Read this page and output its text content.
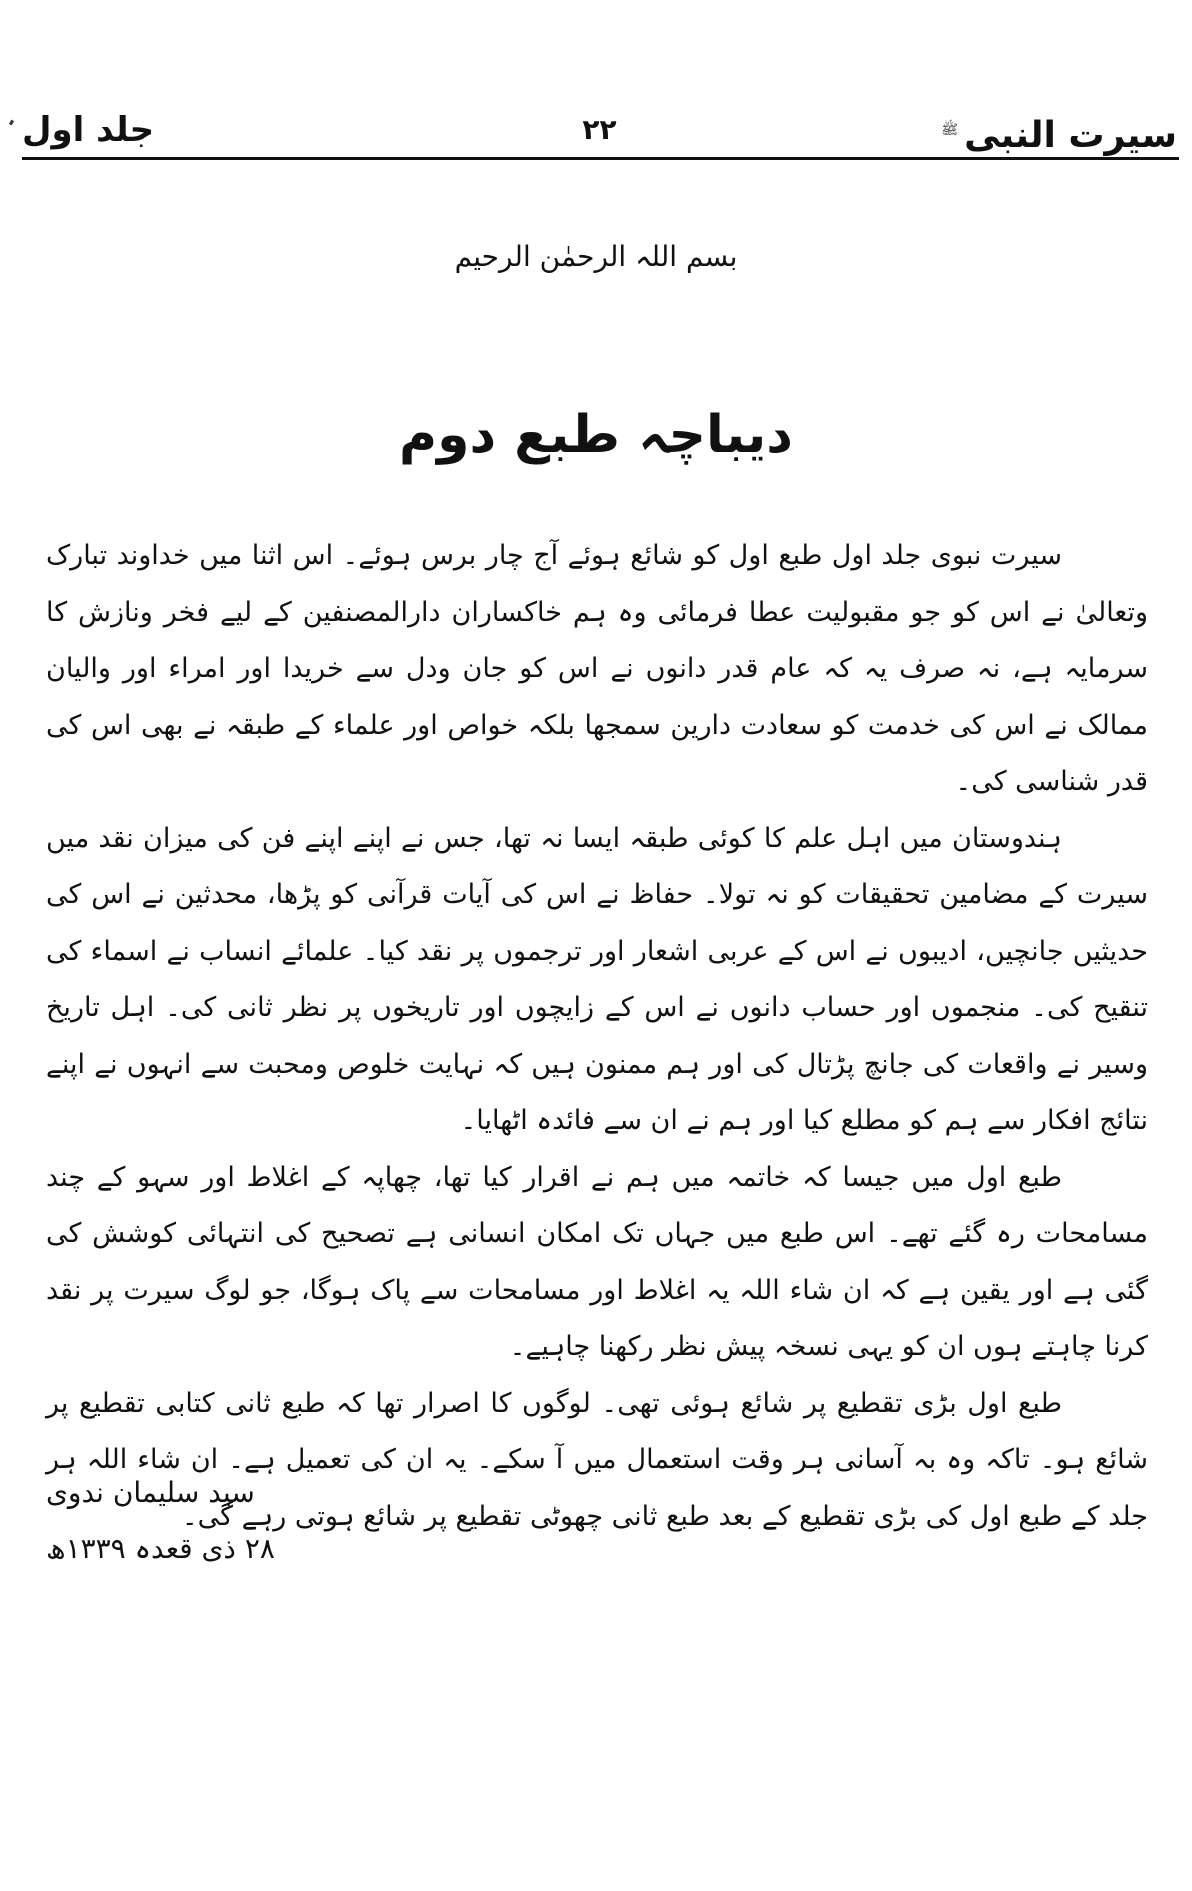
سیرت النبی$^ﷺ$
۲۲
جلد اول
بسم اللہ الرحمٰن الرحیم
دیباچہ طبع دوم

سیرت نبوی جلد اول طبع اول کو شائع ہوئے آج چار برس ہوئے۔ اس اثنا میں خداوند تبارک وتعالیٰ نے اس کو جو مقبولیت عطا فرمائی وہ ہم خاکساران دارالمصنفین کے لیے فخر ونازش کا سرمایہ ہے، نہ صرف یہ کہ عام قدر دانوں نے اس کو جان ودل سے خریدا اور امراء اور والیان ممالک نے اس کی خدمت کو سعادت دارین سمجھا بلکہ خواص اور علماء کے طبقہ نے بھی اس کی قدر شناسی کی۔

ہندوستان میں اہل علم کا کوئی طبقہ ایسا نہ تھا، جس نے اپنے اپنے فن کی میزان نقد میں سیرت کے مضامین تحقیقات کو نہ تولا۔ حفاظ نے اس کی آیات قرآنی کو پڑھا، محدثین نے اس کی حدیثیں جانچیں، ادیبوں نے اس کے عربی اشعار اور ترجموں پر نقد کیا۔ علمائے انساب نے اسماء کی تنقیح کی۔ منجموں اور حساب دانوں نے اس کے زایچوں اور تاریخوں پر نظر ثانی کی۔ اہل تاریخ وسیر نے واقعات کی جانچ پڑتال کی اور ہم ممنون ہیں کہ نہایت خلوص ومحبت سے انہوں نے اپنے نتائج افکار سے ہم کو مطلع کیا اور ہم نے ان سے فائدہ اٹھایا۔

طبع اول میں جیسا کہ خاتمہ میں ہم نے اقرار کیا تھا، چھاپہ کے اغلاط اور سہو کے چند مسامحات رہ گئے تھے۔ اس طبع میں جہاں تک امکان انسانی ہے تصحیح کی انتہائی کوشش کی گئی ہے اور یقین ہے کہ ان شاء اللہ یہ اغلاط اور مسامحات سے پاک ہوگا، جو لوگ سیرت پر نقد کرنا چاہتے ہوں ان کو یہی نسخہ پیش نظر رکھنا چاہیے۔

طبع اول بڑی تقطیع پر شائع ہوئی تھی۔ لوگوں کا اصرار تھا کہ طبع ثانی کتابی تقطیع پر شائع ہو۔ تاکہ وہ بہ آسانی ہر وقت استعمال میں آ سکے۔ یہ ان کی تعمیل ہے۔ ان شاء اللہ ہر جلد کے طبع اول کی بڑی تقطیع کے بعد طبع ثانی چھوٹی تقطیع پر شائع ہوتی رہے گی۔

سید سلیمان ندوی
۲۸ ذی قعدہ ۱۳۳۹ھ
